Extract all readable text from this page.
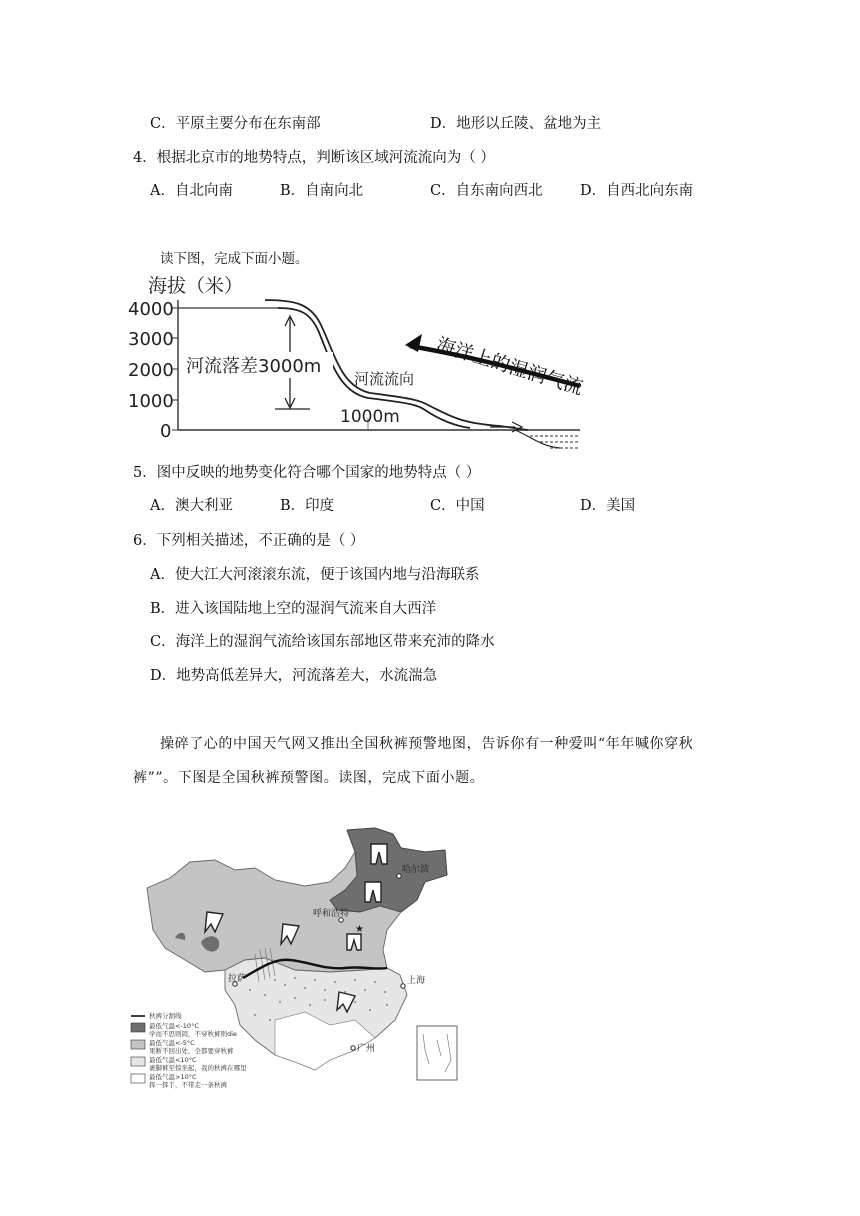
C．平原主要分布在东南部	D．地形以丘陵、盆地为主
4．根据北京市的地势特点，判断该区域河流流向为（ ）
A．自北向南	B．自南向北	C．自东南向西北	D．自西北向东南
读下图，完成下面小题。
海拔（米）
4000
3000
2000
1000
0
河流落差3000m
河流流向
1000m
海洋上的湿润气流
5．图中反映的地势变化符合哪个国家的地势特点（ ）
A．澳大利亚	B．印度	C．中国	D．美国
6．下列相关描述，不正确的是（ ）
A．使大江大河滚滚东流，便于该国内地与沿海联系
B．进入该国陆地上空的湿润气流来自大西洋
C．海洋上的湿润气流给该国东部地区带来充沛的降水
D．地势高低差异大，河流落差大，水流湍急
操碎了心的中国天气网又推出全国秋裤预警地图，告诉你有一种爱叫“年年喊你穿秋
裤””。下图是全国秋裤预警图。读图，完成下面小题。
哈尔滨
呼和浩特
★
拉萨	上海
广州
秋裤分割线
最低气温<-10°C
学而不思则罔，不穿秋裤则die
最低气温<-5°C
果断不回出处，全都要穿秋裤
最低气温<10°C
裹脚裤至惊坐起，我的秋裤在哪里
最低气温>10°C
挥一挥手，不带走一条秋裤
